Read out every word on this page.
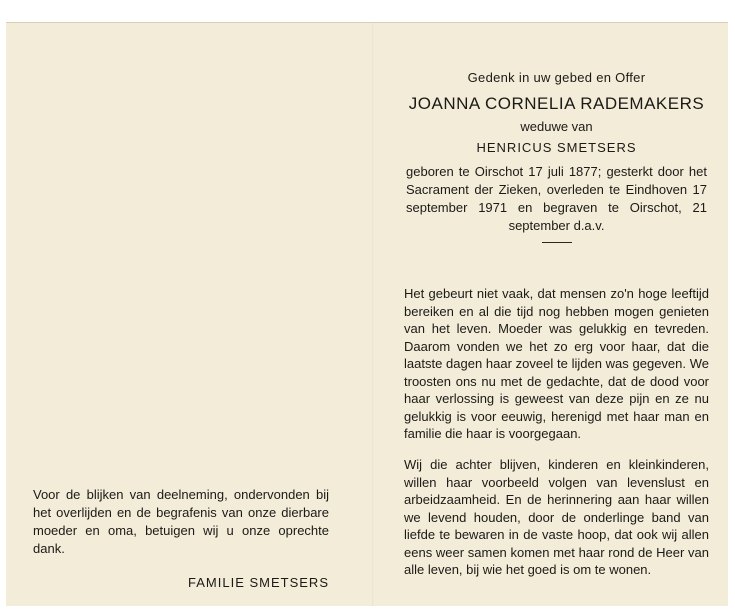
Gedenk in uw gebed en Offer

JOANNA CORNELIA RADEMAKERS

weduwe van

HENRICUS SMETSERS

geboren te Oirschot 17 juli 1877; gesterkt door het Sacrament der Zieken, overleden te Eindhoven 17 september 1971 en begraven te Oirschot, 21 september d.a.v.

Het gebeurt niet vaak, dat mensen zo'n hoge leeftijd bereiken en al die tijd nog hebben mogen genieten van het leven. Moeder was gelukkig en tevreden. Daarom vonden we het zo erg voor haar, dat die laatste dagen haar zoveel te lijden was gegeven. We troosten ons nu met de gedachte, dat de dood voor haar verlossing is geweest van deze pijn en ze nu gelukkig is voor eeuwig, herenigd met haar man en familie die haar is voorgegaan.

Wij die achter blijven, kinderen en kleinkinderen, willen haar voorbeeld volgen van levenslust en arbeidzaamheid. En de herinnering aan haar willen we levend houden, door de onderlinge band van liefde te bewaren in de vaste hoop, dat ook wij allen eens weer samen komen met haar rond de Heer van alle leven, bij wie het goed is om te wonen.

Voor de blijken van deelneming, ondervonden bij het overlijden en de begrafenis van onze dierbare moeder en oma, betuigen wij u onze oprechte dank.

FAMILIE SMETSERS
